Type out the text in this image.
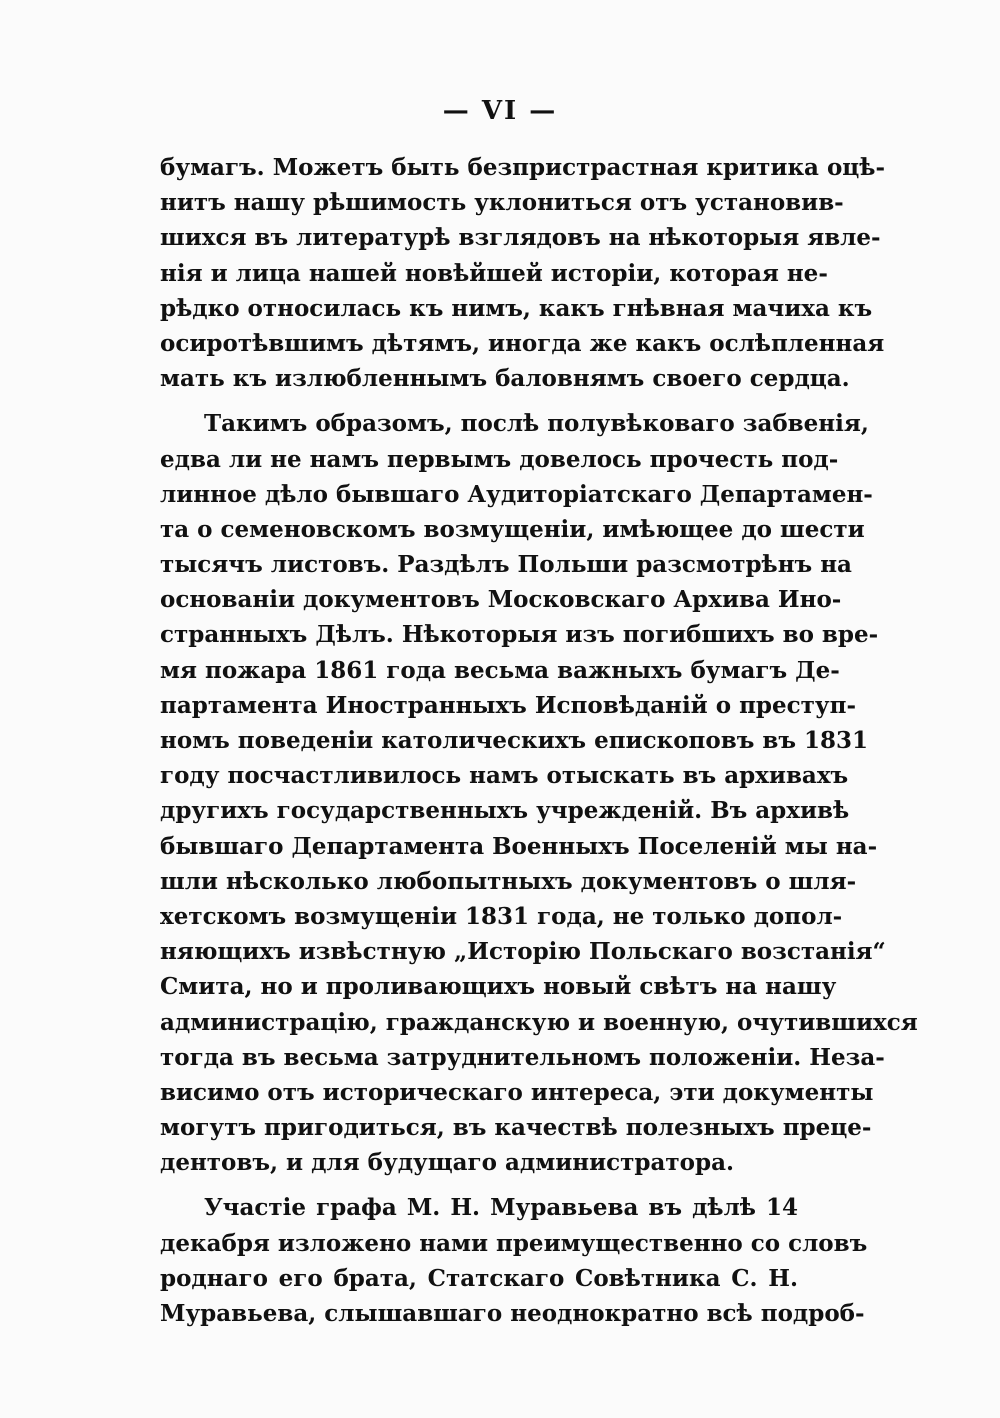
— VI —
бумагъ. Можетъ быть безпристрастная критика оцѣ-
нитъ нашу рѣшимость уклониться отъ установив-
шихся въ литературѣ взглядовъ на нѣкоторыя явле-
нія и лица нашей новѣйшей исторіи, которая не-
рѣдко относилась къ нимъ, какъ гнѣвная мачиха къ
осиротѣвшимъ дѣтямъ, иногда же какъ ослѣпленная
мать къ излюбленнымъ баловнямъ своего сердца.
Такимъ образомъ, послѣ полувѣковаго забвенія,
едва ли не намъ первымъ довелось прочесть под-
линное дѣло бывшаго Аудиторіатскаго Департамен-
та о семеновскомъ возмущеніи, имѣющее до шести
тысячъ листовъ. Раздѣлъ Польши разсмотрѣнъ на
основаніи документовъ Московскаго Архива Ино-
странныхъ Дѣлъ. Нѣкоторыя изъ погибшихъ во вре-
мя пожара 1861 года весьма важныхъ бумагъ Де-
партамента Иностранныхъ Исповѣданій о преступ-
номъ поведеніи католическихъ епископовъ въ 1831
году посчастливилось намъ отыскать въ архивахъ
другихъ государственныхъ учрежденій. Въ архивѣ
бывшаго Департамента Военныхъ Поселеній мы на-
шли нѣсколько любопытныхъ документовъ о шля-
хетскомъ возмущеніи 1831 года, не только допол-
няющихъ извѣстную „Исторію Польскаго возстанія“
Смита, но и проливающихъ новый свѣтъ на нашу
администрацію, гражданскую и военную, очутившихся
тогда въ весьма затруднительномъ положеніи. Неза-
висимо отъ историческаго интереса, эти документы
могутъ пригодиться, въ качествѣ полезныхъ преце-
дентовъ, и для будущаго администратора.
Участіе графа М. Н. Муравьева въ дѣлѣ 14
декабря изложено нами преимущественно со словъ
роднаго его брата, Статскаго Совѣтника С. Н.
Муравьева, слышавшаго неоднократно всѣ подроб-
